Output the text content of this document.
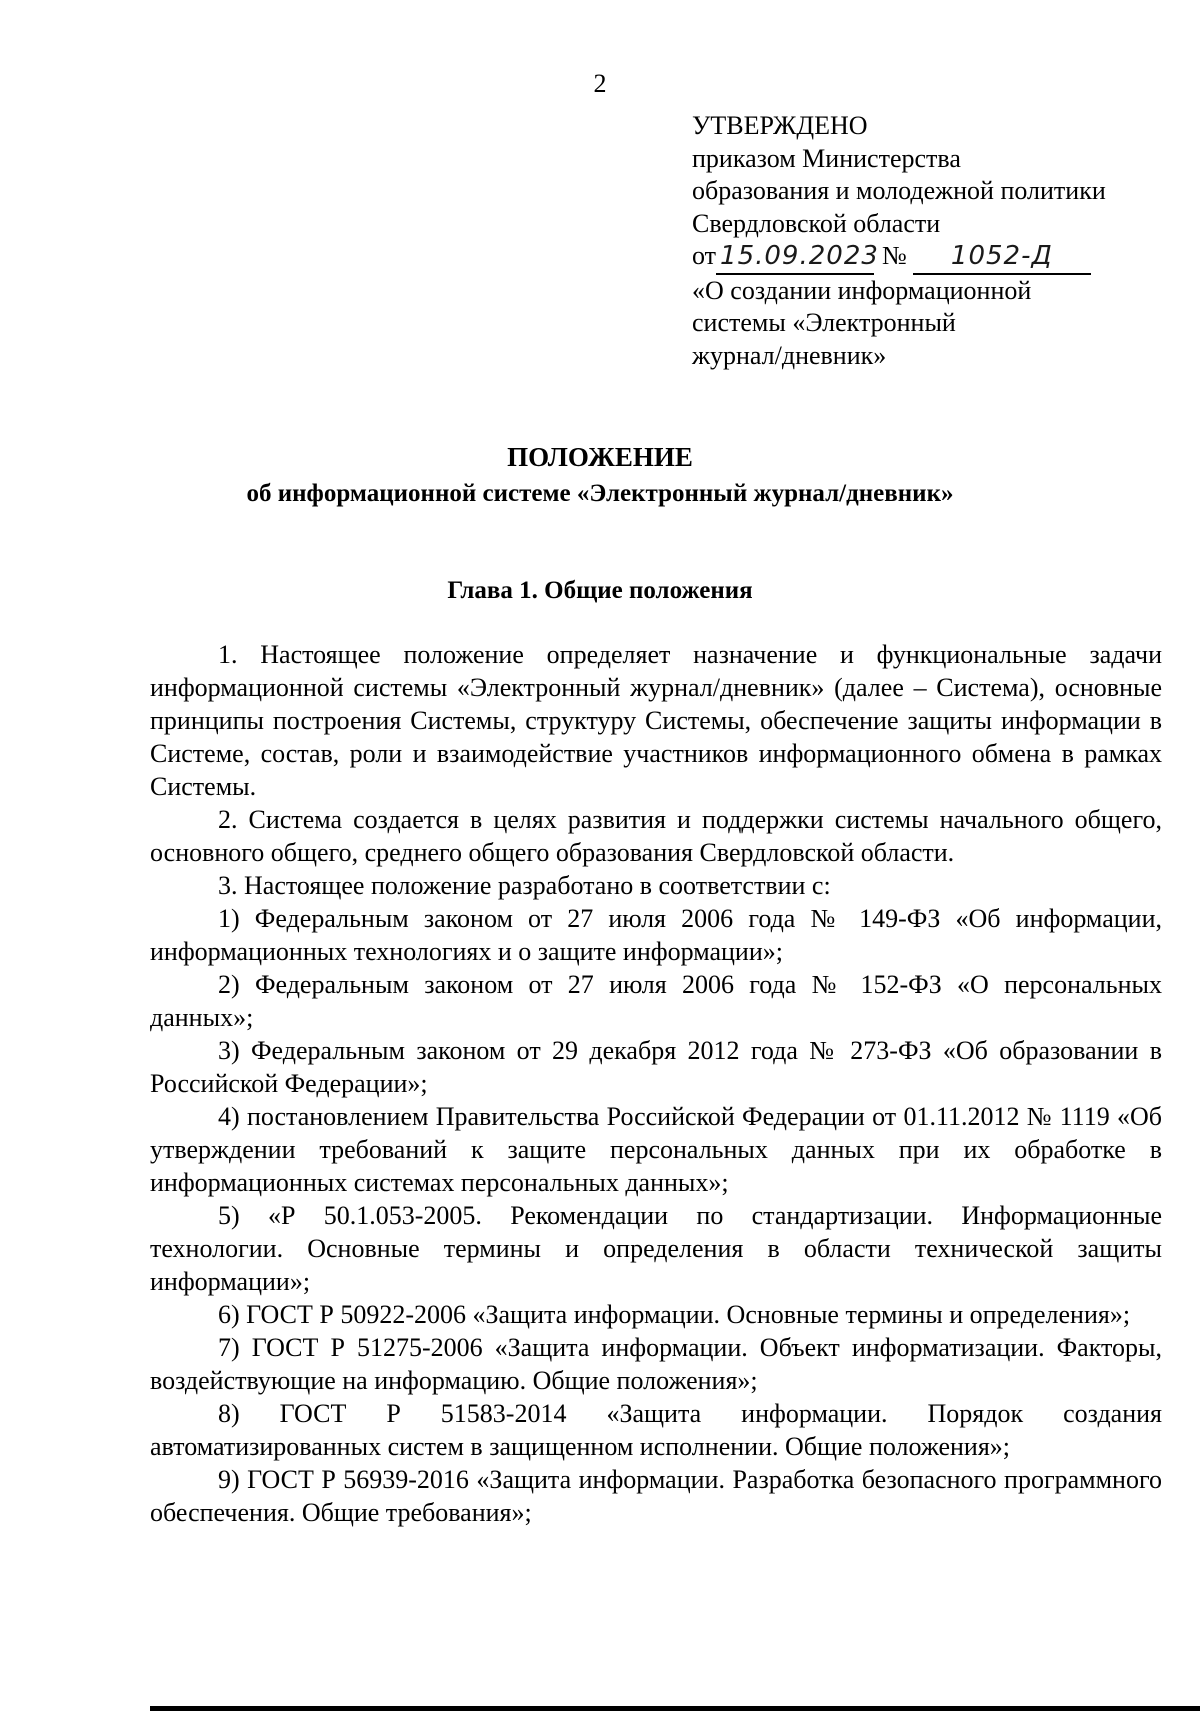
2
УТВЕРЖДЕНО
приказом Министерства
образования и молодежной политики
Свердловской области
от 15.09.2023 № 1052-Д
«О создании информационной
системы «Электронный
журнал/дневник»
ПОЛОЖЕНИЕ
об информационной системе «Электронный журнал/дневник»
Глава 1. Общие положения

1. Настоящее положение определяет назначение и функциональные задачи информационной системы «Электронный журнал/дневник» (далее – Система), основные принципы построения Системы, структуру Системы, обеспечение защиты информации в Системе, состав, роли и взаимодействие участников информационного обмена в рамках Системы.

2. Система создается в целях развития и поддержки системы начального общего, основного общего, среднего общего образования Свердловской области.

3. Настоящее положение разработано в соответствии с:

1) Федеральным законом от 27 июля 2006 года № 149-ФЗ «Об информации, информационных технологиях и о защите информации»;

2) Федеральным законом от 27 июля 2006 года № 152-ФЗ «О персональных данных»;

3) Федеральным законом от 29 декабря 2012 года № 273-ФЗ «Об образовании в Российской Федерации»;

4) постановлением Правительства Российской Федерации от 01.11.2012 № 1119 «Об утверждении требований к защите персональных данных при их обработке в информационных системах персональных данных»;

5) «Р 50.1.053-2005. Рекомендации по стандартизации. Информационные технологии. Основные термины и определения в области технической защиты информации»;

6) ГОСТ Р 50922-2006 «Защита информации. Основные термины и определения»;

7) ГОСТ Р 51275-2006 «Защита информации. Объект информатизации. Факторы, воздействующие на информацию. Общие положения»;

8) ГОСТ Р 51583-2014 «Защита информации. Порядок создания автоматизированных систем в защищенном исполнении. Общие положения»;

9) ГОСТ Р 56939-2016 «Защита информации. Разработка безопасного программного обеспечения. Общие требования»;
